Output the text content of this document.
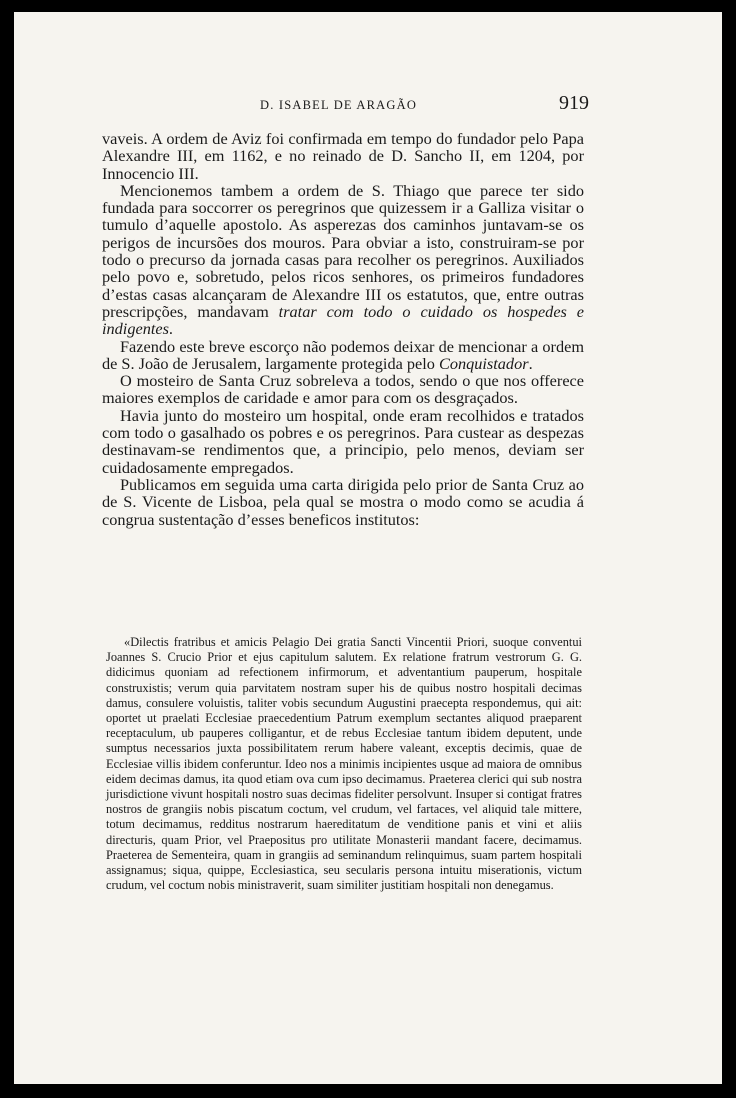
D. ISABEL DE ARAGÃO	919

vaveis. A ordem de Aviz foi confirmada em tempo do fundador pelo Papa Alexandre III, em 1162, e no reinado de D. Sancho II, em 1204, por Innocencio III.

Mencionemos tambem a ordem de S. Thiago que parece ter sido fundada para soccorrer os peregrinos que quizessem ir a Galliza visitar o tumulo d’aquelle apostolo. As asperezas dos caminhos juntavam-se os perigos de incursões dos mouros. Para obviar a isto, construiram-se por todo o precurso da jornada casas para recolher os peregrinos. Auxiliados pelo povo e, sobretudo, pelos ricos senhores, os primeiros fundadores d’estas casas alcançaram de Alexandre III os estatutos, que, entre outras prescripções, mandavam tratar com todo o cuidado os hospedes e indigentes.

Fazendo este breve escorço não podemos deixar de mencionar a ordem de S. João de Jerusalem, largamente protegida pelo Conquistador.

O mosteiro de Santa Cruz sobreleva a todos, sendo o que nos offerece maiores exemplos de caridade e amor para com os desgraçados.

Havia junto do mosteiro um hospital, onde eram recolhidos e tratados com todo o gasalhado os pobres e os peregrinos. Para custear as despezas destinavam-se rendimentos que, a principio, pelo menos, deviam ser cuidadosamente empregados.

Publicamos em seguida uma carta dirigida pelo prior de Santa Cruz ao de S. Vicente de Lisboa, pela qual se mostra o modo como se acudia á congrua sustentação d’esses beneficos institutos:

«Dilectis fratribus et amicis Pelagio Dei gratia Sancti Vincentii Priori, suoque conventui Joannes S. Crucio Prior et ejus capitulum salutem. Ex relatione fratrum vestrorum G. G. didicimus quoniam ad refectionem infirmorum, et adventantium pauperum, hospitale construxistis; verum quia parvitatem nostram super his de quibus nostro hospitali decimas damus, consulere voluistis, taliter vobis secundum Augustini praecepta respondemus, qui ait: oportet ut praelati Ecclesiae praecedentium Patrum exemplum sectantes aliquod praeparent receptaculum, ub pauperes colligantur, et de rebus Ecclesiae tantum ibidem deputent, unde sumptus necessarios juxta possibilitatem rerum habere valeant, exceptis decimis, quae de Ecclesiae villis ibidem conferuntur. Ideo nos a minimis incipientes usque ad maiora de omnibus eidem decimas damus, ita quod etiam ova cum ipso decimamus. Praeterea clerici qui sub nostra jurisdictione vivunt hospitali nostro suas decimas fideliter persolvunt. Insuper si contigat fratres nostros de grangiis nobis piscatum coctum, vel crudum, vel fartaces, vel aliquid tale mittere, totum decimamus, redditus nostrarum haereditatum de venditione panis et vini et aliis directuris, quam Prior, vel Praepositus pro utilitate Monasterii mandant facere, decimamus. Praeterea de Sementeira, quam in grangiis ad seminandum relinquimus, suam partem hospitali assignamus; siqua, quippe, Ecclesiastica, seu secularis persona intuitu miserationis, victum crudum, vel coctum nobis ministraverit, suam similiter justitiam hospitali non denegamus.
